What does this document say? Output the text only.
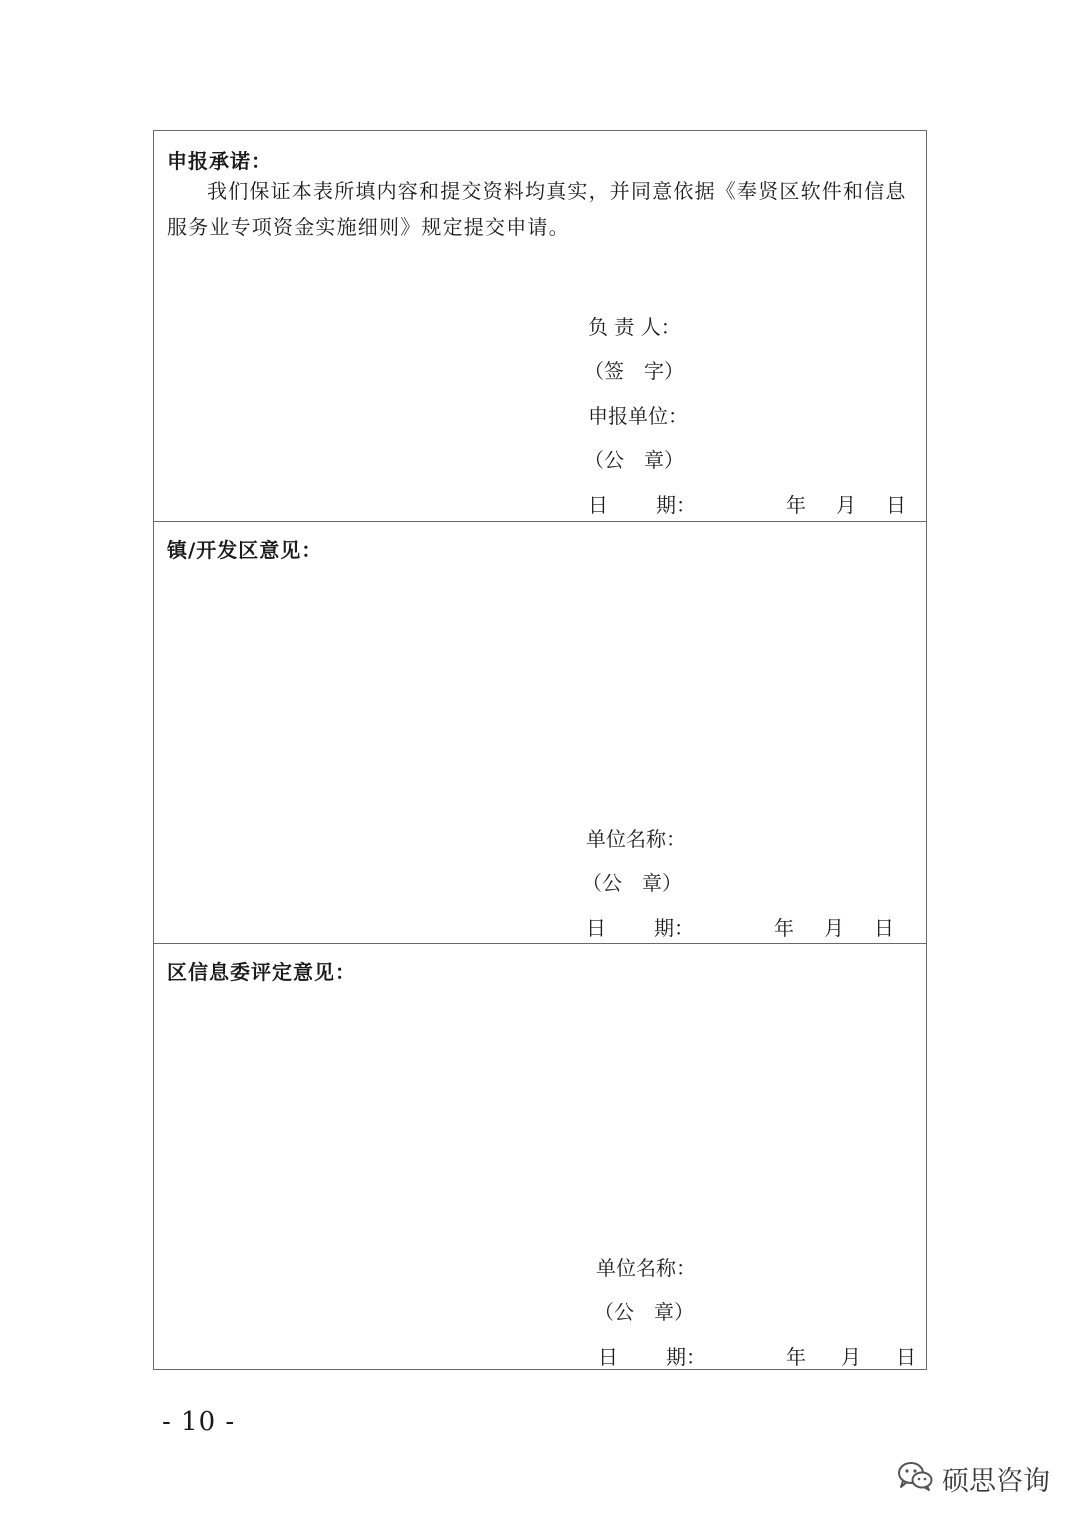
申报承诺：
我们保证本表所填内容和提交资料均真实，并同意依据《奉贤区软件和信息服务业专项资金实施细则》规定提交申请。
负 责 人：
（签　字）
申报单位：
（公　章）
日 期：	年 月 日
镇/开发区意见：
单位名称：
（公　章）
日 期：	年 月 日
区信息委评定意见：
单位名称：
（公　章）
日 期：	年 月 日
- 10 -
硕思咨询
